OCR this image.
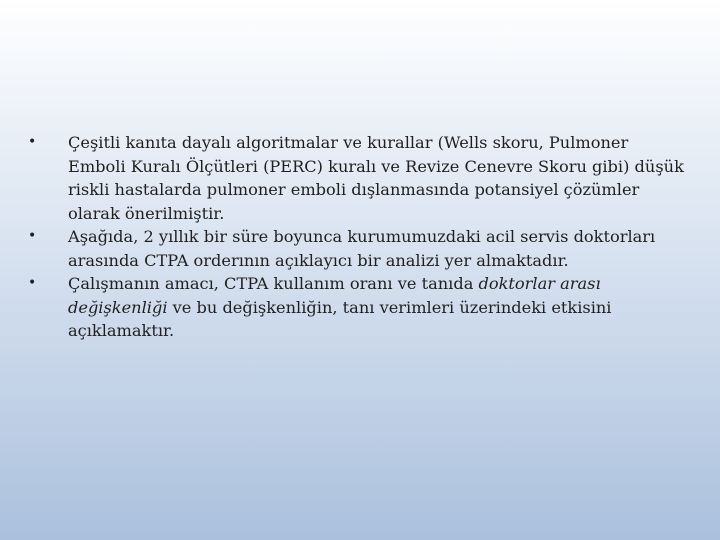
•	Çeşitli kanıta dayalı algoritmalar ve kurallar (Wells skoru, Pulmoner Emboli Kuralı Ölçütleri (PERC) kuralı ve Revize Cenevre Skoru gibi) düşük riskli hastalarda pulmoner emboli dışlanmasında potansiyel çözümler olarak önerilmiştir.
•	Aşağıda, 2 yıllık bir süre boyunca kurumumuzdaki acil servis doktorları arasında CTPA orderının açıklayıcı bir analizi yer almaktadır.
•	Çalışmanın amacı, CTPA kullanım oranı ve tanıda doktorlar arası değişkenliği ve bu değişkenliğin, tanı verimleri üzerindeki etkisini açıklamaktır.
